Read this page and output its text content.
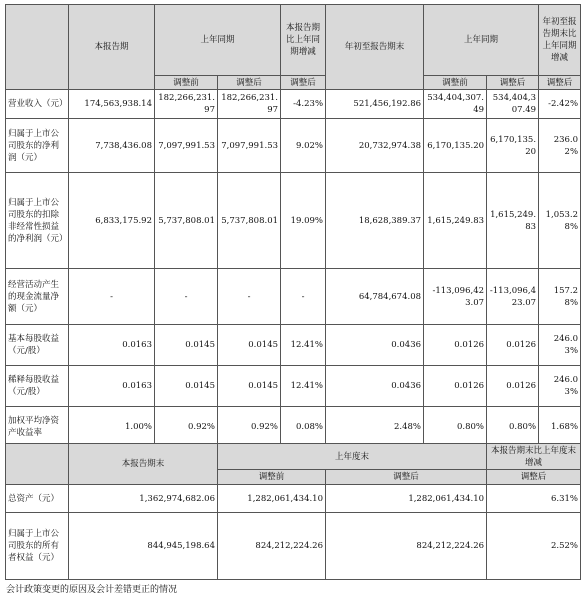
	本报告期	上年同期		本报告期比上年同期增减	年初至报告期末	上年同期		年初至报告期末比上年同期增减
		调整前	调整后	调整后		调整前	调整后	调整后
营业收入（元）	174,563,938.14	182,266,231.97	182,266,231.97	-4.23%	521,456,192.86	534,404,307.49	534,404,307.49	-2.42%
归属于上市公司股东的净利润（元）	7,738,436.08	7,097,991.53	7,097,991.53	9.02%	20,732,974.38	6,170,135.20	6,170,135.20	236.02%
归属于上市公司股东的扣除非经常性损益的净利润（元）	6,833,175.92	5,737,808.01	5,737,808.01	19.09%	18,628,389.37	1,615,249.83	1,615,249.83	1,053.28%
经营活动产生的现金流量净额（元）	-	-	-	-	64,784,674.08	-113,096,423.07	-113,096,423.07	157.28%
基本每股收益（元/股）	0.0163	0.0145	0.0145	12.41%	0.0436	0.0126	0.0126	246.03%
稀释每股收益（元/股）	0.0163	0.0145	0.0145	12.41%	0.0436	0.0126	0.0126	246.03%
加权平均净资产收益率	1.00%	0.92%	0.92%	0.08%	2.48%	0.80%	0.80%	1.68%
	本报告期末	上年度末		本报告期末比上年度末增减
		调整前	调整后	调整后
总资产（元）	1,362,974,682.06	1,282,061,434.10	1,282,061,434.10	6.31%
归属于上市公司股东的所有者权益（元）	844,945,198.64	824,212,224.26	824,212,224.26	2.52%
会计政策变更的原因及会计差错更正的情况
